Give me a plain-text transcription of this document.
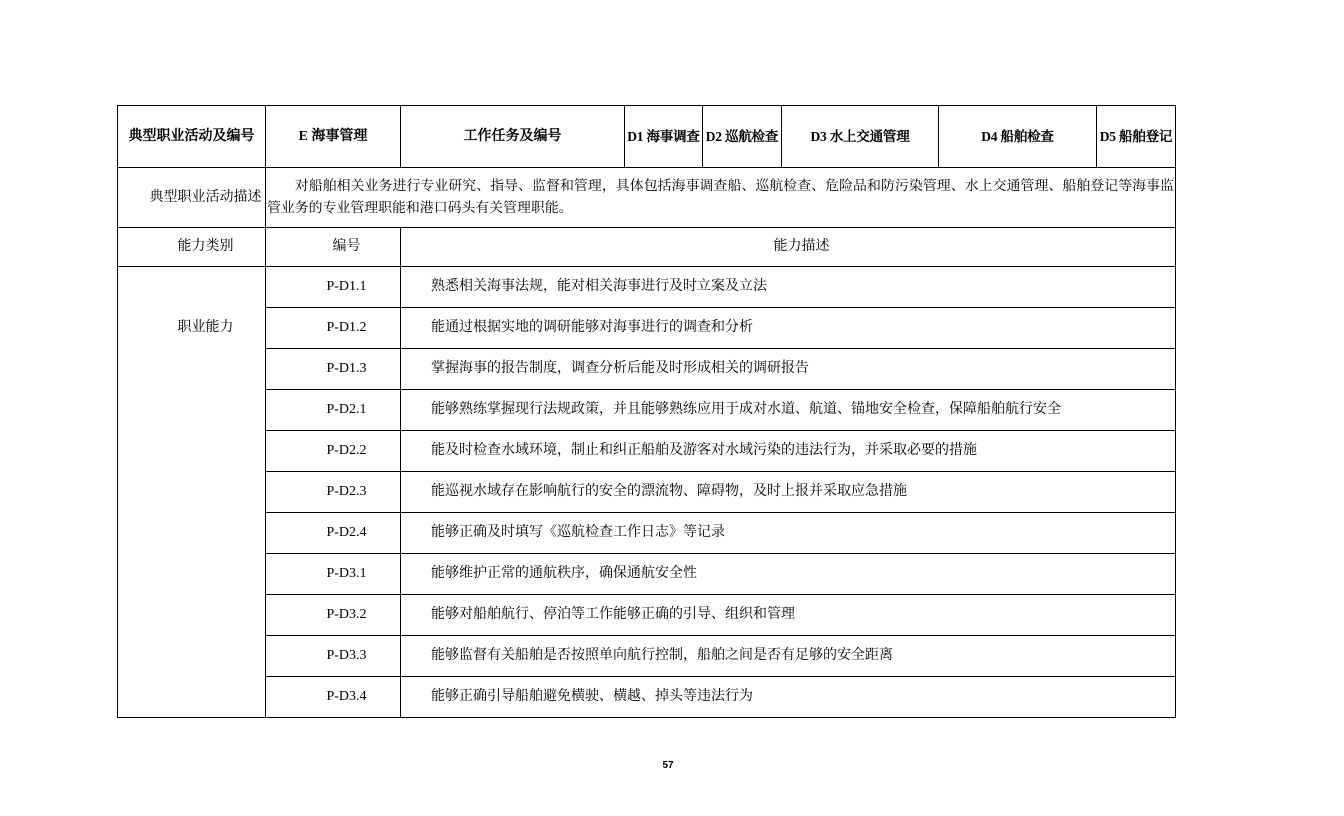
典型职业活动及编号	E 海事管理	工作任务及编号	D1 海事调查	D2 巡航检查	D3 水上交通管理	D4 船舶检查	D5 船舶登记
典型职业活动描述	对船舶相关业务进行专业研究、指导、监督和管理，具体包括海事调查船、巡航检查、危险品和防污染管理、水上交通管理、船舶登记等海事监管业务的专业管理职能和港口码头有关管理职能。						
能力类别	编号	能力描述					
职业能力	P-D1.1	熟悉相关海事法规，能对相关海事进行及时立案及立法					
	P-D1.2	能通过根据实地的调研能够对海事进行的调查和分析					
	P-D1.3	掌握海事的报告制度，调查分析后能及时形成相关的调研报告					
	P-D2.1	能够熟练掌握现行法规政策，并且能够熟练应用于成对水道、航道、锚地安全检查，保障船舶航行安全					
	P-D2.2	能及时检查水域环境，制止和纠正船舶及游客对水域污染的违法行为，并采取必要的措施					
	P-D2.3	能巡视水域存在影响航行的安全的漂流物、障碍物，及时上报并采取应急措施					
	P-D2.4	能够正确及时填写《巡航检查工作日志》等记录					
	P-D3.1	能够维护正常的通航秩序，确保通航安全性					
	P-D3.2	能够对船舶航行、停泊等工作能够正确的引导、组织和管理					
	P-D3.3	能够监督有关船舶是否按照单向航行控制，船舶之间是否有足够的安全距离					
	P-D3.4	能够正确引导船舶避免横驶、横越、掉头等违法行为					
57
